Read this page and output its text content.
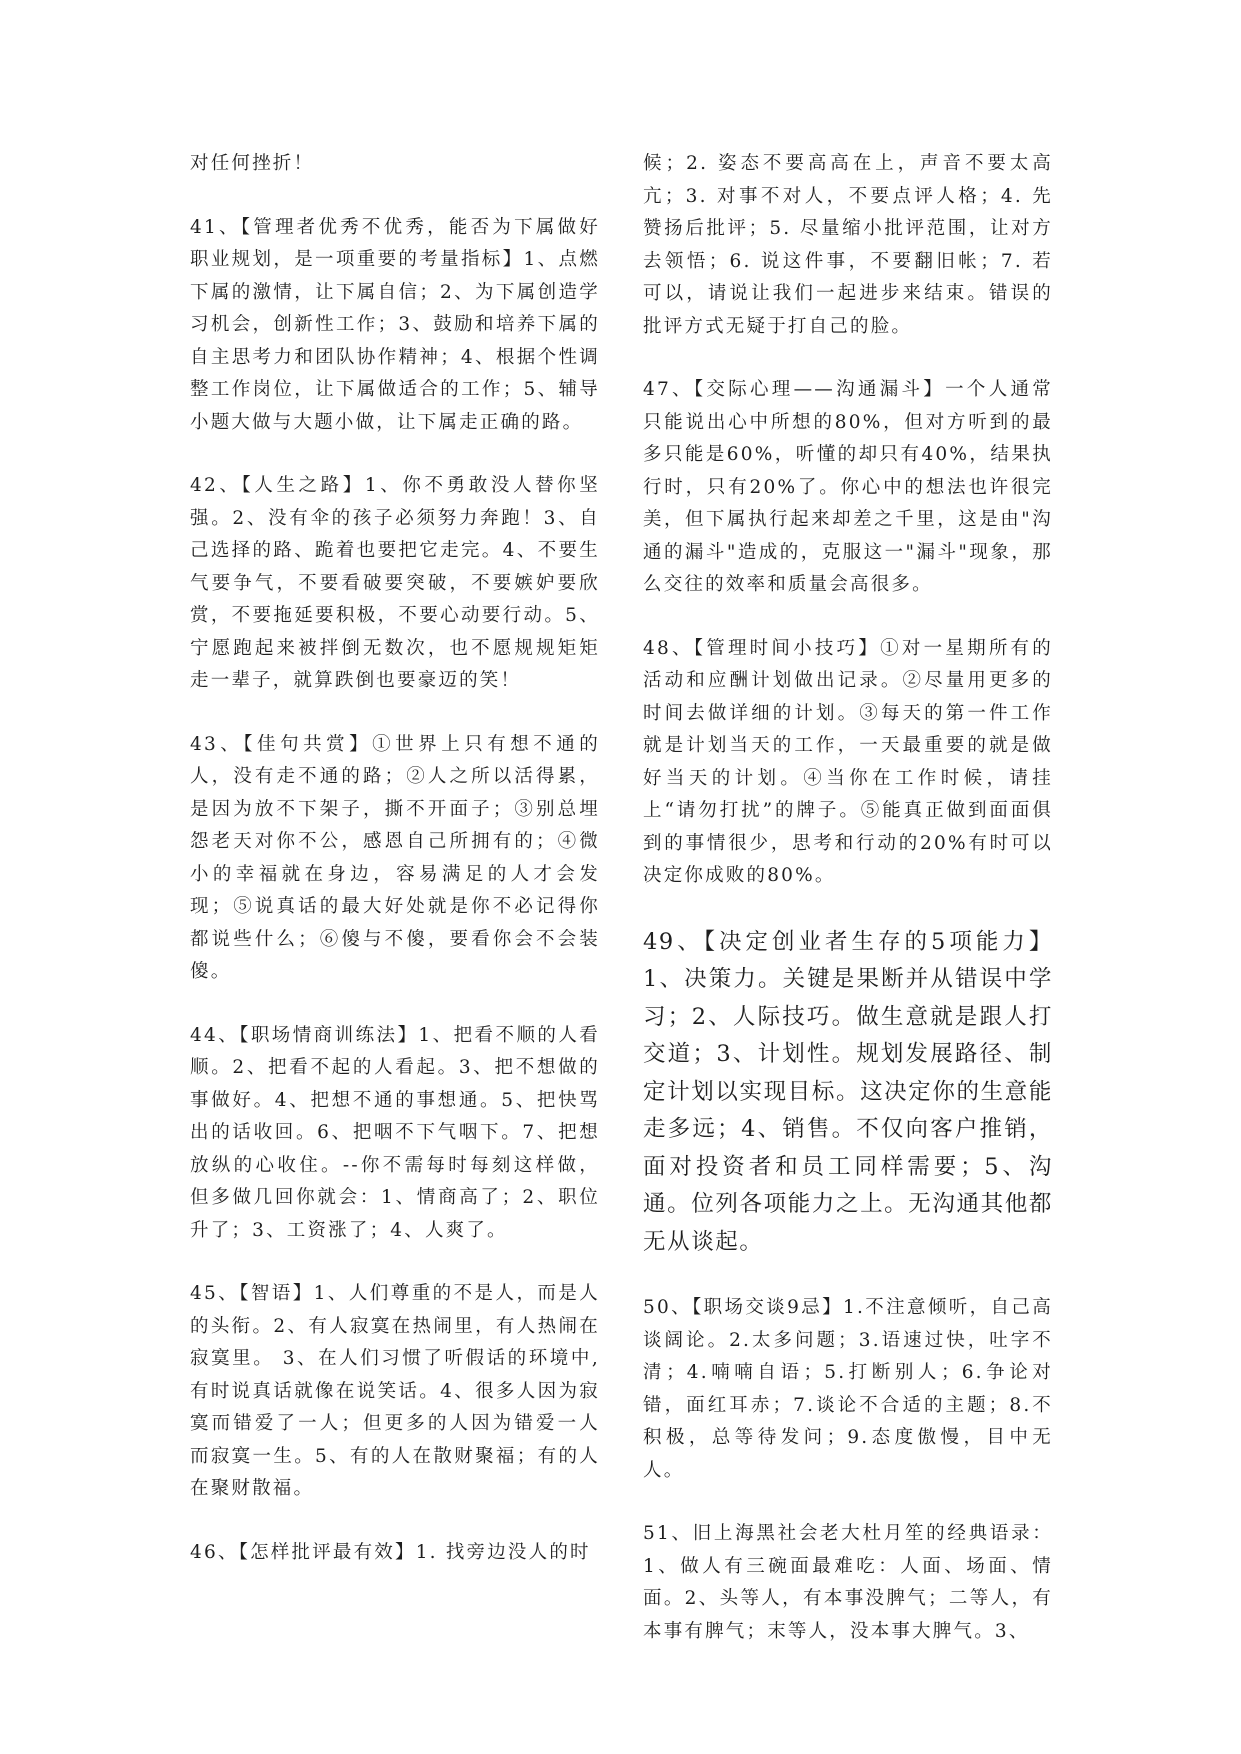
对任何挫折！

41、【管理者优秀不优秀，能否为下属做好职业规划，是一项重要的考量指标】1、点燃下属的激情，让下属自信；2、为下属创造学习机会，创新性工作；3、鼓励和培养下属的自主思考力和团队协作精神；4、根据个性调整工作岗位，让下属做适合的工作；5、辅导小题大做与大题小做，让下属走正确的路。

42、【人生之路】1、你不勇敢没人替你坚强。2、没有伞的孩子必须努力奔跑！3、自己选择的路、跪着也要把它走完。4、不要生气要争气，不要看破要突破，不要嫉妒要欣赏，不要拖延要积极，不要心动要行动。5、宁愿跑起来被拌倒无数次，也不愿规规矩矩走一辈子，就算跌倒也要豪迈的笑！

43、【佳句共赏】①世界上只有想不通的人，没有走不通的路；②人之所以活得累，是因为放不下架子，撕不开面子；③别总埋怨老天对你不公，感恩自己所拥有的；④微小的幸福就在身边，容易满足的人才会发现；⑤说真话的最大好处就是你不必记得你都说些什么；⑥傻与不傻，要看你会不会装傻。

44、【职场情商训练法】1、把看不顺的人看顺。2、把看不起的人看起。3、把不想做的事做好。4、把想不通的事想通。5、把快骂出的话收回。6、把咽不下气咽下。7、把想放纵的心收住。--你不需每时每刻这样做，但多做几回你就会：1、情商高了；2、职位升了；3、工资涨了；4、人爽了。

45、【智语】1、人们尊重的不是人，而是人的头衔。2、有人寂寞在热闹里，有人热闹在寂寞里。 3、在人们习惯了听假话的环境中,有时说真话就像在说笑话。4、很多人因为寂寞而错爱了一人；但更多的人因为错爱一人而寂寞一生。5、有的人在散财聚福；有的人在聚财散福。

46、【怎样批评最有效】1. 找旁边没人的时

候；2. 姿态不要高高在上，声音不要太高亢；3. 对事不对人，不要点评人格；4. 先赞扬后批评；5. 尽量缩小批评范围，让对方去领悟；6. 说这件事，不要翻旧帐；7. 若可以，请说让我们一起进步来结束。错误的批评方式无疑于打自己的脸。

47、【交际心理——沟通漏斗】一个人通常只能说出心中所想的80%，但对方听到的最多只能是60%，听懂的却只有40%，结果执行时，只有20%了。你心中的想法也许很完美，但下属执行起来却差之千里，这是由"沟通的漏斗"造成的，克服这一"漏斗"现象，那么交往的效率和质量会高很多。

48、【管理时间小技巧】①对一星期所有的活动和应酬计划做出记录。②尽量用更多的时间去做详细的计划。③每天的第一件工作就是计划当天的工作，一天最重要的就是做好当天的计划。④当你在工作时候，请挂上“请勿打扰”的牌子。⑤能真正做到面面俱到的事情很少，思考和行动的20%有时可以决定你成败的80%。

49、【决定创业者生存的5项能力】1、决策力。关键是果断并从错误中学习；2、人际技巧。做生意就是跟人打交道；3、计划性。规划发展路径、制定计划以实现目标。这决定你的生意能走多远；4、销售。不仅向客户推销，面对投资者和员工同样需要；5、沟通。位列各项能力之上。无沟通其他都无从谈起。

50、【职场交谈9忌】1.不注意倾听，自己高谈阔论。2.太多问题；3.语速过快，吐字不清；4.喃喃自语；5.打断别人；6.争论对错，面红耳赤；7.谈论不合适的主题；8.不积极，总等待发问；9.态度傲慢，目中无人。

51、旧上海黑社会老大杜月笙的经典语录：1、做人有三碗面最难吃：人面、场面、情面。2、头等人，有本事没脾气；二等人，有本事有脾气；末等人，没本事大脾气。3、
